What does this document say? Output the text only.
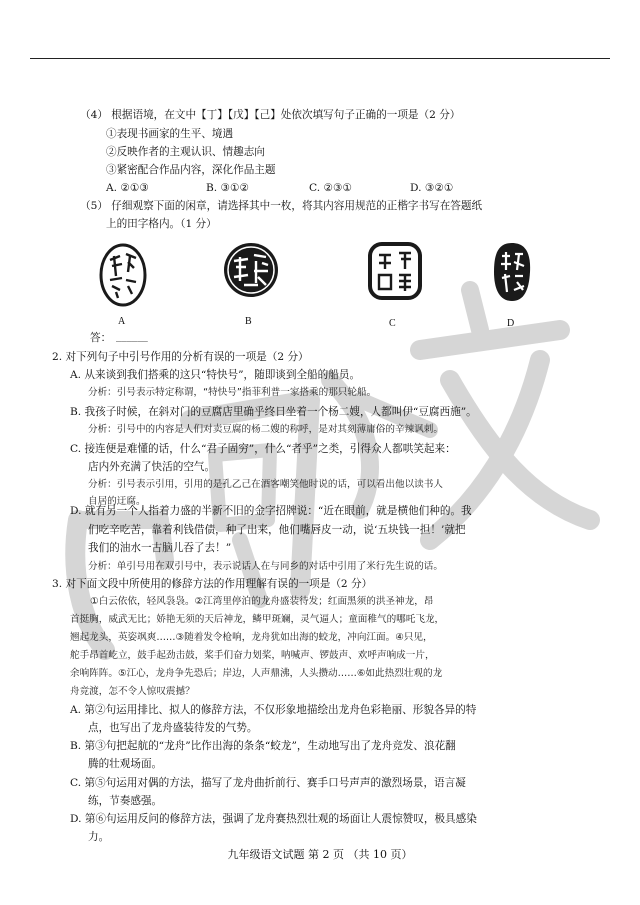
（4） 根据语境，在文中【丁】【戊】【己】处依次填写句子正确的一项是（2 分）
①表现书画家的生平、境遇
②反映作者的主观认识、情趣志向
③紧密配合作品内容，深化作品主题
A. ②①③	B. ③①②	C. ②③①	D. ③②①
（5） 仔细观察下面的闲章，请选择其中一枚，将其内容用规范的正楷字书写在答题纸
上的田字格内。（1 分）
A	B	C	D
答： ______
2. 对下列句子中引号作用的分析有误的一项是（2 分）
A. 从来谈到我们搭乘的这只“特快号”，随即谈到全船的船员。
分析：引号表示特定称谓，“特快号”指菲利普一家搭乘的那只轮船。
B. 我孩子时候，在斜对门的豆腐店里确乎终日坐着一个杨二嫂，人都叫伊“豆腐西施”。
分析：引号中的内容是人们对卖豆腐的杨二嫂的称呼，是对其刻薄庸俗的辛辣讽刺。
C. 接连便是难懂的话，什么“君子固穷”，什么“者乎”之类，引得众人都哄笑起来：
店内外充满了快活的空气。
分析：引号表示引用，引用的是孔乙己在酒客嘲笑他时说的话，可以看出他以读书人
自居的迂腐。
D. 就有另一个人指着力盛的半新不旧的金字招牌说：“近在眼前，就是横他们种的。我
们吃辛吃苦，靠着利钱借债，种了出来，他们嘴唇皮一动，说‘五块钱一担！’就把
我们的油水一古脑儿吞了去！”
分析：单引号用在双引号中，表示说话人在与同乡的对话中引用了米行先生说的话。
3. 对下面文段中所使用的修辞方法的作用理解有误的一项是（2 分）
①白云依依，轻风袅袅。②江湾里停泊的龙舟盛装待发；红面黑须的洪圣神龙，昂
首挺胸，威武无比；娇艳无须的天后神龙，鳞甲斑斓，灵气逼人；童面稚气的哪吒飞龙，
翘起龙头，英姿飒爽……③随着发令枪响，龙舟犹如出海的蛟龙，冲向江面。④只见，
舵手昂首屹立，鼓手起劲击鼓，桨手们奋力划桨，呐喊声、锣鼓声、欢呼声响成一片，
余响阵阵。⑤江心，龙舟争先恐后；岸边，人声鼎沸，人头攒动……⑥如此热烈壮观的龙
舟竞渡，怎不令人惊叹震撼？
A. 第②句运用排比、拟人的修辞方法，不仅形象地描绘出龙舟色彩艳丽、形貌各异的特
点，也写出了龙舟盛装待发的气势。
B. 第③句把起航的“龙舟”比作出海的条条“蛟龙”，生动地写出了龙舟竞发、浪花翻
腾的壮观场面。
C. 第⑤句运用对偶的方法，描写了龙舟曲折前行、赛手口号声声的激烈场景，语言凝
练，节奏感强。
D. 第⑥句运用反问的修辞方法，强调了龙舟赛热烈壮观的场面让人震惊赞叹，极具感染
力。
九年级语文试题 第 2 页 （共 10 页）
